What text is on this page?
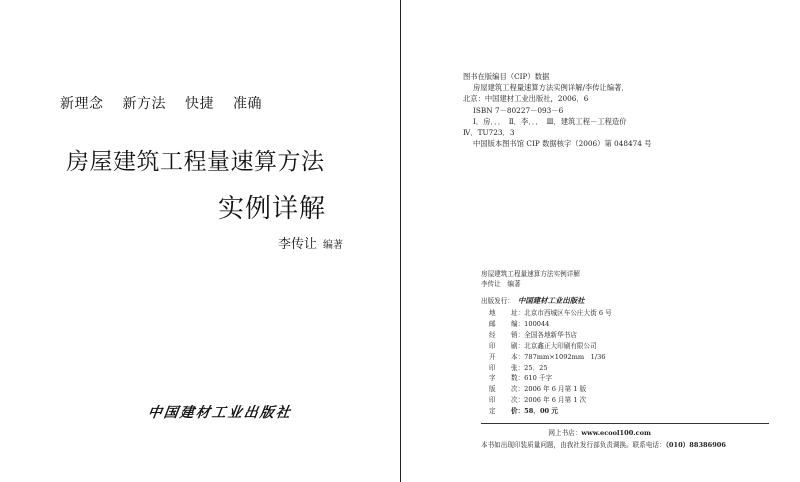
新理念 新方法 快捷 准确
房屋建筑工程量速算方法
实例详解
李传让 编著
中国建材工业出版社
图书在版编目（CIP）数据
房屋建筑工程量速算方法实例详解/李传让编著．
北京：中国建材工业出版社，2006．6
ISBN 7－80227－093－6
Ⅰ．房．．．　Ⅱ．李．．．　Ⅲ．建筑工程－工程造价
Ⅳ．TU723．3
中国版本图书馆 CIP 数据核字（2006）第 048474 号
房屋建筑工程量速算方法实例详解
李传让　编著
出版发行： 中国建材工业出版社
地	址：北京市西城区车公庄大街 6 号
邮	编：100044
经	销：全国各地新华书店
印	刷：北京鑫正大印刷有限公司
开	本：787mm×1092mm　1/36
印	张：25．25
字	数：610 千字
版	次：2006 年 6 月第 1 版
印	次：2006 年 6 月第 1 次
定	价：58．00 元
网上书店：www.ecool100.com
本书如出现印装质量问题，由我社发行部负责调换。联系电话：（010）88386906
